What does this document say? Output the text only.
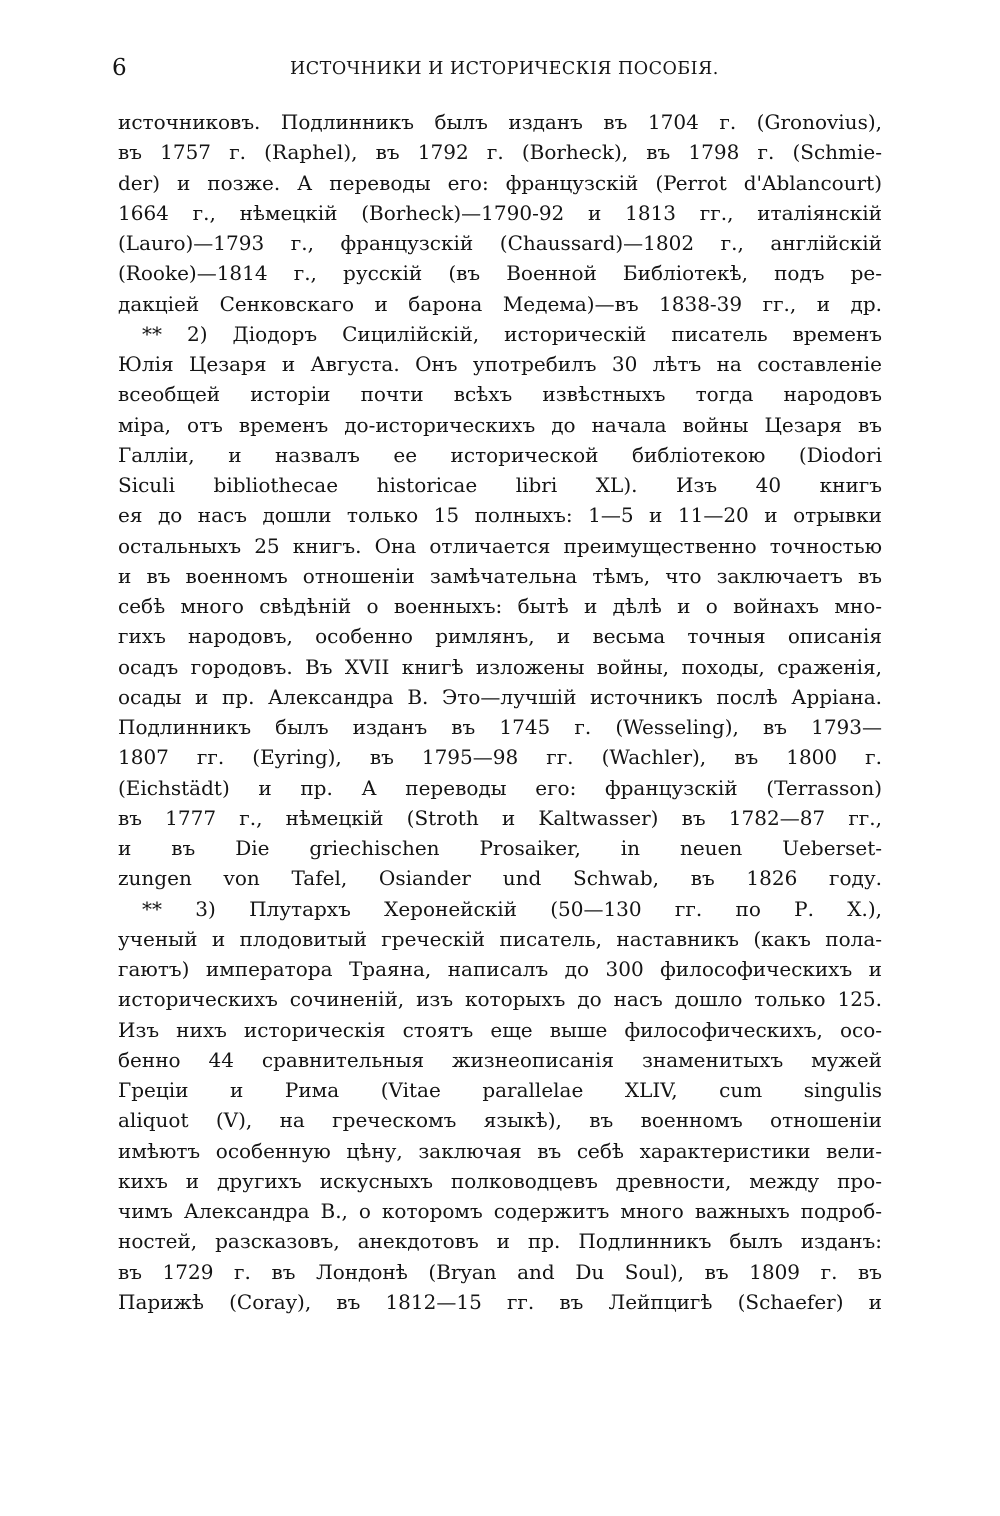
6	ИСТОЧНИКИ И ИСТОРИЧЕСКІЯ ПОСОБІЯ.
источниковъ. Подлинникъ былъ изданъ въ 1704 г. (Gronovius),
въ 1757 г. (Raphel), въ 1792 г. (Borheck), въ 1798 г. (Schmie-
der) и позже. А переводы его: французскій (Perrot d'Ablancourt)
1664 г., нѣмецкій (Borheck)—1790-92 и 1813 гг., италіянскій
(Lauro)—1793 г., французскій (Chaussard)—1802 г., англійскій
(Rooke)—1814 г., русскій (въ Военной Библіотекѣ, подъ ре-
дакціей Сенковскаго и барона Медема)—въ 1838-39 гг., и др.
** 2) Діодоръ Сицилійскій, историческій писатель временъ
Юлія Цезаря и Августа. Онъ употребилъ 30 лѣтъ на составленіе
всеобщей исторіи почти всѣхъ извѣстныхъ тогда народовъ
міра, отъ временъ до-историческихъ до начала войны Цезаря въ
Галліи, и назвалъ ее исторической библіотекою (Diodori
Siculi bibliothecae historicae libri XL). Изъ 40 книгъ
ея до насъ дошли только 15 полныхъ: 1—5 и 11—20 и отрывки
остальныхъ 25 книгъ. Она отличается преимущественно точностью
и въ военномъ отношеніи замѣчательна тѣмъ, что заключаетъ въ
себѣ много свѣдѣній о военныхъ: бытѣ и дѣлѣ и о войнахъ мно-
гихъ народовъ, особенно римлянъ, и весьма точныя описанія
осадъ городовъ. Въ XVII книгѣ изложены войны, походы, сраженія,
осады и пр. Александра В. Это—лучшій источникъ послѣ Арріана.
Подлинникъ былъ изданъ въ 1745 г. (Wesseling), въ 1793—
1807 гг. (Eyring), въ 1795—98 гг. (Wachler), въ 1800 г.
(Eichstädt) и пр. А переводы его: французскій (Terrasson)
въ 1777 г., нѣмецкій (Stroth и Kaltwasser) въ 1782—87 гг.,
и въ Die griechischen Prosaiker, in neuen Ueberset-
zungen von Tafel, Osiander und Schwab, въ 1826 году.
** 3) Плутархъ Херонейскій (50—130 гг. по Р. Х.),
ученый и плодовитый греческій писатель, наставникъ (какъ пола-
гаютъ) императора Траяна, написалъ до 300 философическихъ и
историческихъ сочиненій, изъ которыхъ до насъ дошло только 125.
Изъ нихъ историческія стоятъ еще выше философическихъ, осо-
бенно 44 сравнительныя жизнеописанія знаменитыхъ мужей
Греціи и Рима (Vitae parallelae XLIV, cum singulis
aliquot (V), на греческомъ языкѣ), въ военномъ отношеніи
имѣютъ особенную цѣну, заключая въ себѣ характеристики вели-
кихъ и другихъ искусныхъ полководцевъ древности, между про-
чимъ Александра В., о которомъ содержитъ много важныхъ подроб-
ностей, разсказовъ, анекдотовъ и пр. Подлинникъ былъ изданъ:
въ 1729 г. въ Лондонѣ (Bryan and Du Soul), въ 1809 г. въ
Парижѣ (Coray), въ 1812—15 гг. въ Лейпцигѣ (Schaefer) и
